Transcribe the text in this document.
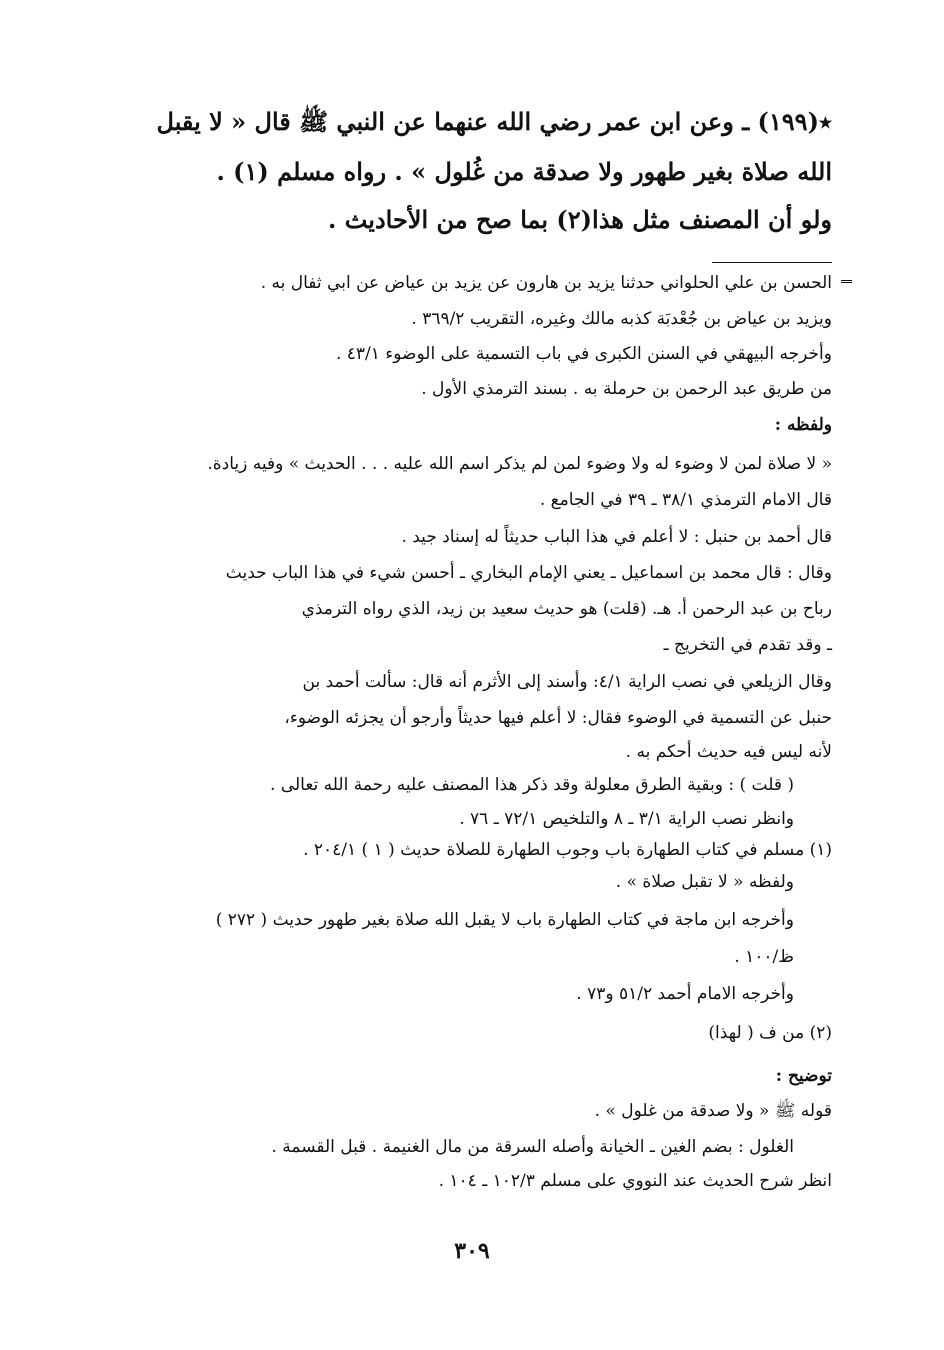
٭(١٩٩) ـ وعن ابن عمر رضي الله عنهما عن النبي ﷺ قال « لا يقبل
الله صلاة بغير طهور ولا صدقة من غُلول » . رواه مسلم (١) .
ولو أن المصنف مثل هذا(٢) بما صح من الأحاديث .
الحسن بن علي الحلواني حدثنا يزيد بن هارون عن يزيد بن عياض عن ابي ثفال به .
ويزيد بن عياض بن جُعْدبَة كذبه مالك وغيره، التقريب ٣٦٩/٢ .
وأخرجه البيهقي في السنن الكبرى في باب التسمية على الوضوء ٤٣/١ .
من طريق عبد الرحمن بن حرملة به . بسند الترمذي الأول .
ولفظه :
« لا صلاة لمن لا وضوء له ولا وضوء لمن لم يذكر اسم الله عليه . . . الحديث » وفيه زيادة.
قال الامام الترمذي ٣٨/١ ـ ٣٩ في الجامع .
قال أحمد بن حنبل : لا أعلم في هذا الباب حديثاً له إسناد جيد .
وقال : قال محمد بن اسماعيل ـ يعني الإمام البخاري ـ أحسن شيء في هذا الباب حديث
رباح بن عبد الرحمن أ. هـ. (قلت) هو حديث سعيد بن زيد، الذي رواه الترمذي
ـ وقد تقدم في التخريج ـ
وقال الزيلعي في نصب الراية ٤/١: وأسند إلى الأثرم أنه قال: سألت أحمد بن
حنبل عن التسمية في الوضوء فقال: لا أعلم فيها حديثاً وأرجو أن يجزئه الوضوء،
لأنه ليس فيه حديث أحكم به .
( قلت ) : وبقية الطرق معلولة وقد ذكر هذا المصنف عليه رحمة الله تعالى .
وانظر نصب الراية ٣/١ ـ ٨ والتلخيص ٧٢/١ ـ ٧٦ .
(١) مسلم في كتاب الطهارة باب وجوب الطهارة للصلاة حديث ( ١ ) ٢٠٤/١ .
ولفظه « لا تقبل صلاة » .
وأخرجه ابن ماجة في كتاب الطهارة باب لا يقبل الله صلاة بغير طهور حديث ( ٢٧٢ )
ظ/١٠٠ .
وأخرجه الامام أحمد ٥١/٢ و٧٣ .
(٢) من ف ( لهذا)
توضيح :
قوله ﷺ « ولا صدقة من غلول » .
الغلول : بضم الغين ـ الخيانة وأصله السرقة من مال الغنيمة . قبل القسمة .
انظر شرح الحديث عند النووي على مسلم ١٠٢/٣ ـ ١٠٤ .
٣٠٩
